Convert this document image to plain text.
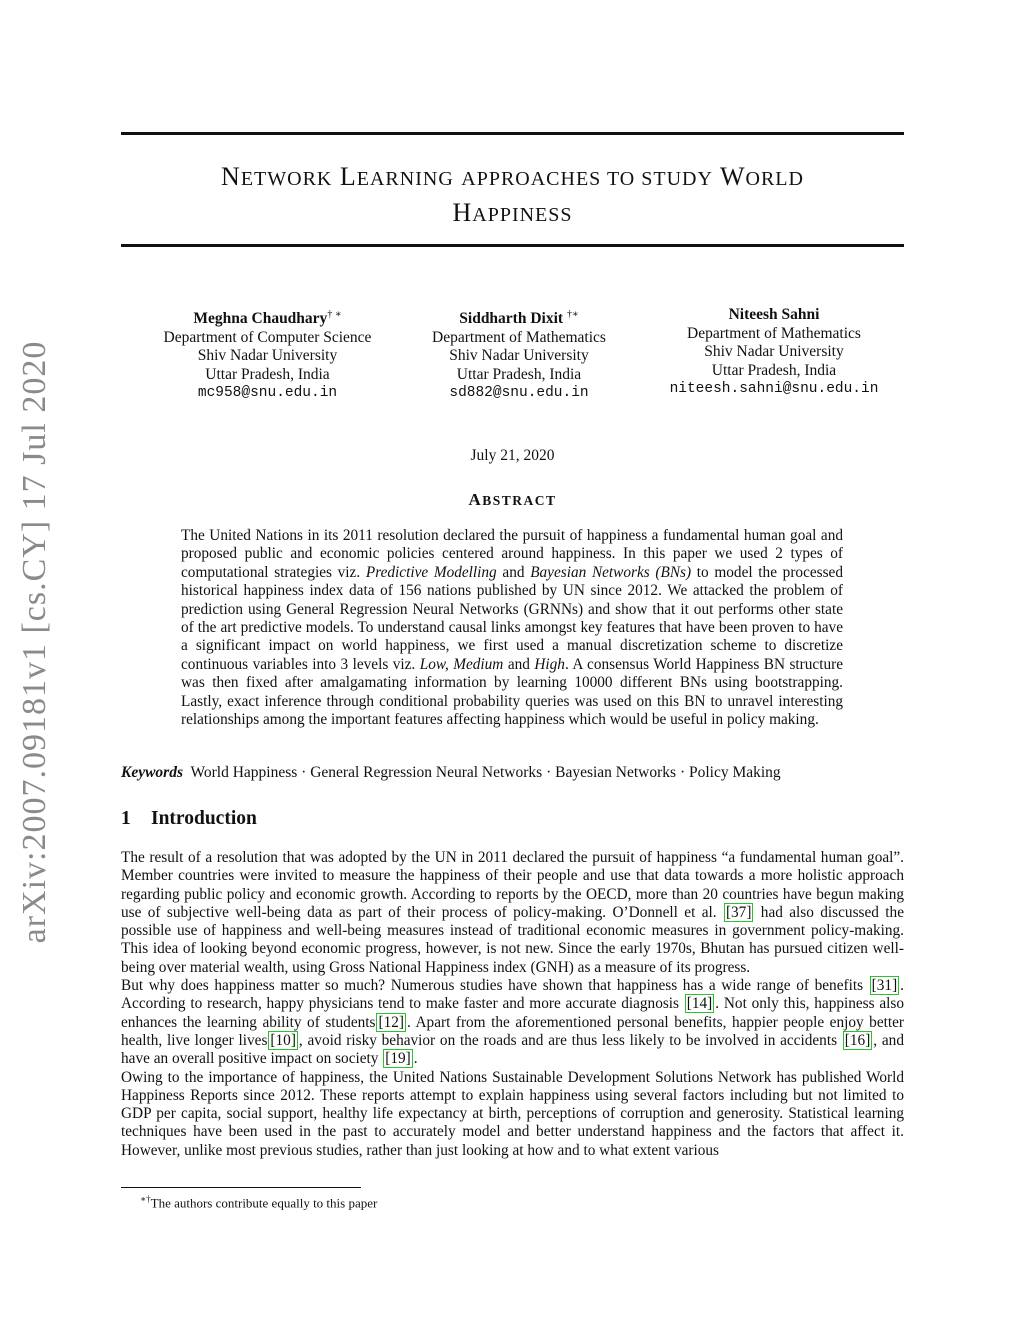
arXiv:2007.09181v1 [cs.CY] 17 Jul 2020
NETWORK LEARNING APPROACHES TO STUDY WORLD
HAPPINESS
Meghna Chaudhary† ∗
Department of Computer Science
Shiv Nadar University
Uttar Pradesh, India
mc958@snu.edu.in
Siddharth Dixit †∗
Department of Mathematics
Shiv Nadar University
Uttar Pradesh, India
sd882@snu.edu.in
Niteesh Sahni
Department of Mathematics
Shiv Nadar University
Uttar Pradesh, India
niteesh.sahni@snu.edu.in
July 21, 2020
ABSTRACT

The United Nations in its 2011 resolution declared the pursuit of happiness a fundamental human goal and proposed public and economic policies centered around happiness. In this paper we used 2 types of computational strategies viz. Predictive Modelling and Bayesian Networks (BNs) to model the processed historical happiness index data of 156 nations published by UN since 2012. We attacked the problem of prediction using General Regression Neural Networks (GRNNs) and show that it out performs other state of the art predictive models. To understand causal links amongst key features that have been proven to have a significant impact on world happiness, we first used a manual discretization scheme to discretize continuous variables into 3 levels viz. Low, Medium and High. A consensus World Happiness BN structure was then fixed after amalgamating information by learning 10000 different BNs using bootstrapping. Lastly, exact inference through conditional probability queries was used on this BN to unravel interesting relationships among the important features affecting happiness which would be useful in policy making.

Keywords World Happiness · General Regression Neural Networks · Bayesian Networks · Policy Making

1 Introduction

The result of a resolution that was adopted by the UN in 2011 declared the pursuit of happiness “a fundamental human goal”. Member countries were invited to measure the happiness of their people and use that data towards a more holistic approach regarding public policy and economic growth. According to reports by the OECD, more than 20 countries have begun making use of subjective well-being data as part of their process of policy-making. O’Donnell et al. [37] had also discussed the possible use of happiness and well-being measures instead of traditional economic measures in government policy-making. This idea of looking beyond economic progress, however, is not new. Since the early 1970s, Bhutan has pursued citizen well-being over material wealth, using Gross National Happiness index (GNH) as a measure of its progress.

But why does happiness matter so much? Numerous studies have shown that happiness has a wide range of benefits [31] . According to research, happy physicians tend to make faster and more accurate diagnosis [14] . Not only this, happiness also enhances the learning ability of students [12] . Apart from the aforementioned personal benefits, happier people enjoy better health, live longer lives [10] , avoid risky behavior on the roads and are thus less likely to be involved in accidents [16] , and have an overall positive impact on society [19] .

Owing to the importance of happiness, the United Nations Sustainable Development Solutions Network has published World Happiness Reports since 2012. These reports attempt to explain happiness using several factors including but not limited to GDP per capita, social support, healthy life expectancy at birth, perceptions of corruption and generosity. Statistical learning techniques have been used in the past to accurately model and better understand happiness and the factors that affect it. However, unlike most previous studies, rather than just looking at how and to what extent various

∗†The authors contribute equally to this paper
